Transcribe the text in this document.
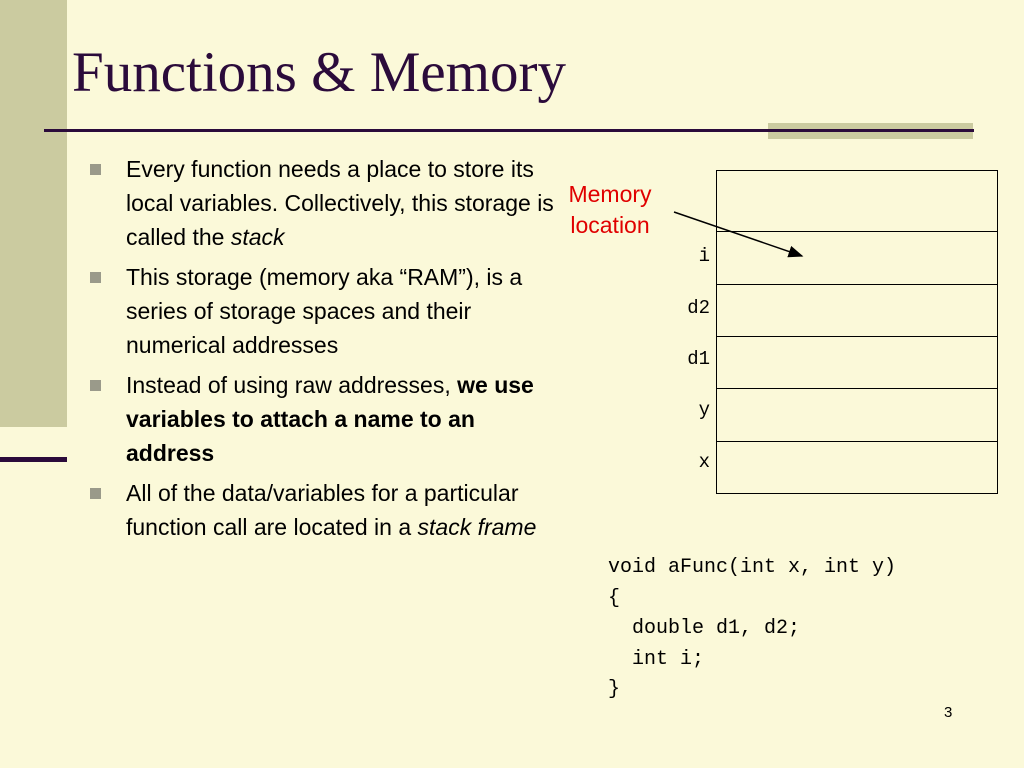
Functions & Memory
Every function needs a place to store its local variables. Collectively, this storage is called the stack
This storage (memory aka “RAM”), is a series of storage spaces and their numerical addresses
Instead of using raw addresses, we use variables to attach a name to an address
All of the data/variables for a particular function call are located in a stack frame
Memory
location

i
d2
d1
y
x
void aFunc(int x, int y)
{
double d1, d2;
int i;
}
3
